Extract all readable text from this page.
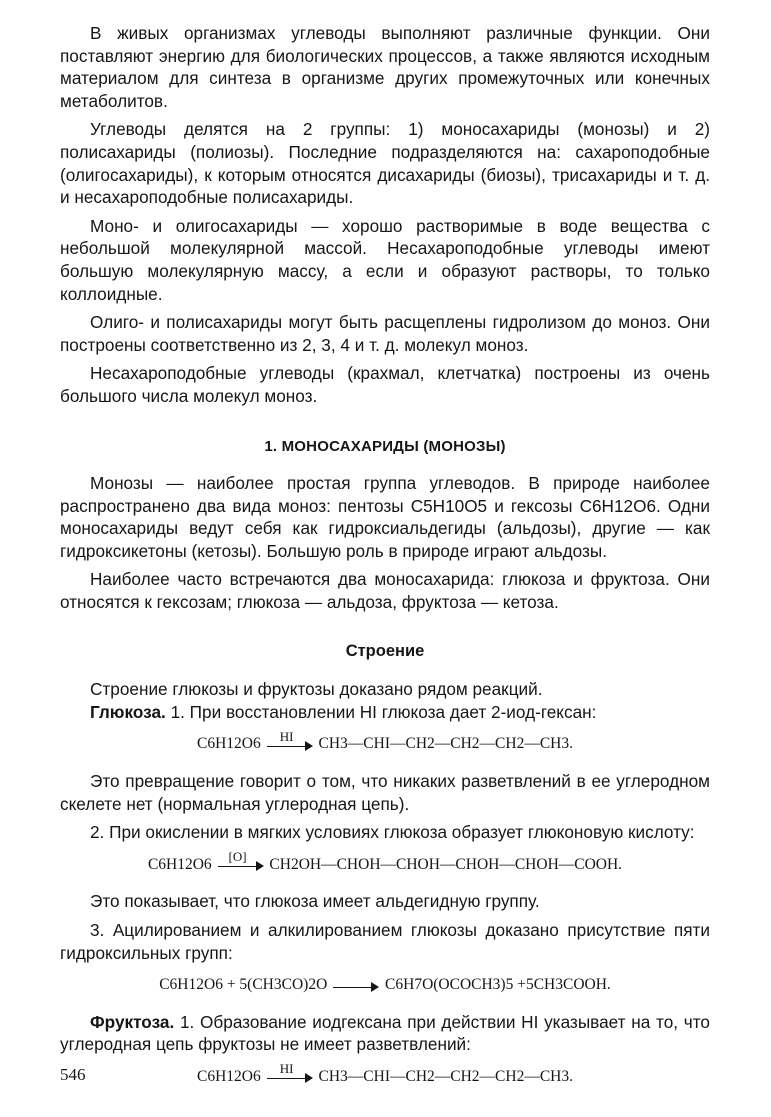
В живых организмах углеводы выполняют различные функции. Они поставляют энергию для биологических процессов, а также являются исходным материалом для синтеза в организме других промежуточных или конечных метаболитов.

Углеводы делятся на 2 группы: 1) моносахариды (монозы) и 2) полисахариды (полиозы). Последние подразделяются на: сахароподобные (олигосахариды), к которым относятся дисахариды (биозы), трисахариды и т. д. и несахароподобные полисахариды.

Моно- и олигосахариды — хорошо растворимые в воде вещества с небольшой молекулярной массой. Несахароподобные углеводы имеют большую молекулярную массу, а если и образуют растворы, то только коллоидные.

Олиго- и полисахариды могут быть расщеплены гидролизом до моноз. Они построены соответственно из 2, 3, 4 и т. д. молекул моноз.

Несахароподобные углеводы (крахмал, клетчатка) построены из очень большого числа молекул моноз.

1. МОНОСАХАРИДЫ (МОНОЗЫ)

Монозы — наиболее простая группа углеводов. В природе наиболее распространено два вида моноз: пентозы C5H10O5 и гексозы C6H12O6. Одни моносахариды ведут себя как гидроксиальдегиды (альдозы), другие — как гидроксикетоны (кетозы). Большую роль в природе играют альдозы.

Наиболее часто встречаются два моносахарида: глюкоза и фруктоза. Они относятся к гексозам; глюкоза — альдоза, фруктоза — кетоза.

Строение

Строение глюкозы и фруктозы доказано рядом реакций.

Глюкоза. 1. При восстановлении HI глюкоза дает 2-иод-гексан:

C6H12O6	HI	CH3—CHI—CH2—CH2—CH2—CH3.

Это превращение говорит о том, что никаких разветвлений в ее углеродном скелете нет (нормальная углеродная цепь).

2. При окислении в мягких условиях глюкоза образует глюконовую кислоту:

C6H12O6	[O]	CH2OH—CHOH—CHOH—CHOH—CHOH—COOH.

Это показывает, что глюкоза имеет альдегидную группу.

3. Ацилированием и алкилированием глюкозы доказано присутствие пяти гидроксильных групп:

C6H12O6 + 5(CH3CO)2O	C6H7O(OCOCH3)5 +5CH3COOH.

Фруктоза. 1. Образование иодгексана при действии HI указывает на то, что углеродная цепь фруктозы не имеет разветвлений:

C6H12O6	HI	CH3—CHI—CH2—CH2—CH2—CH3.
546
